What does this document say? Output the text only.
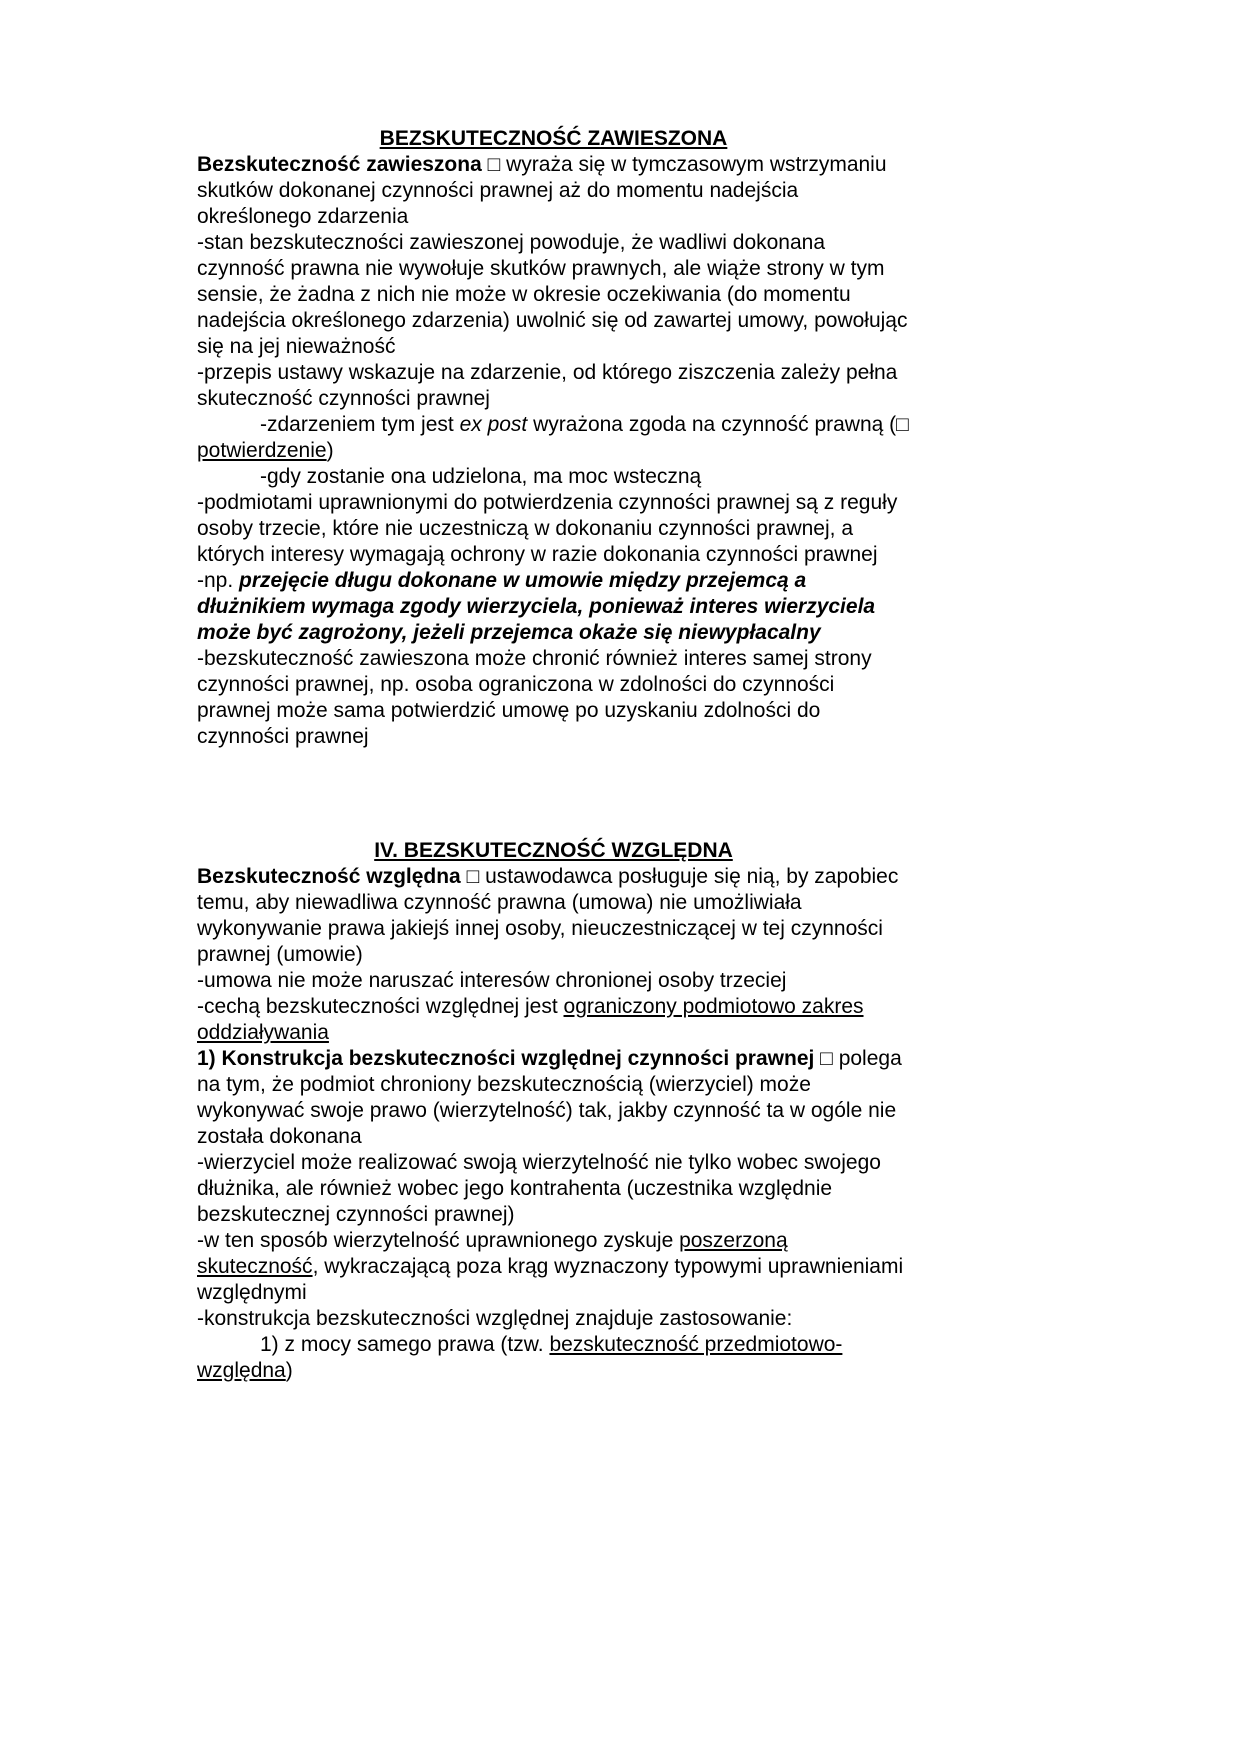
BEZSKUTECZNOŚĆ ZAWIESZONA
Bezskuteczność zawieszona □ wyraża się w tymczasowym wstrzymaniu skutków dokonanej czynności prawnej aż do momentu nadejścia określonego zdarzenia
-stan bezskuteczności zawieszonej powoduje, że wadliwi dokonana czynność prawna nie wywołuje skutków prawnych, ale wiąże strony w tym sensie, że żadna z nich nie może w okresie oczekiwania (do momentu nadejścia określonego zdarzenia) uwolnić się od zawartej umowy, powołując się na jej nieważność
-przepis ustawy wskazuje na zdarzenie, od którego ziszczenia zależy pełna skuteczność czynności prawnej
-zdarzeniem tym jest ex post wyrażona zgoda na czynność prawną (□ potwierdzenie)
-gdy zostanie ona udzielona, ma moc wsteczną
-podmiotami uprawnionymi do potwierdzenia czynności prawnej są z reguły osoby trzecie, które nie uczestniczą w dokonaniu czynności prawnej, a których interesy wymagają ochrony w razie dokonania czynności prawnej
-np. przejęcie długu dokonane w umowie między przejemcą a dłużnikiem wymaga zgody wierzyciela, ponieważ interes wierzyciela może być zagrożony, jeżeli przejemca okaże się niewypłacalny
-bezskuteczność zawieszona może chronić również interes samej strony czynności prawnej, np. osoba ograniczona w zdolności do czynności prawnej może sama potwierdzić umowę po uzyskaniu zdolności do czynności prawnej
IV. BEZSKUTECZNOŚĆ WZGLĘDNA
Bezskuteczność względna □ ustawodawca posługuje się nią, by zapobiec temu, aby niewadliwa czynność prawna (umowa) nie umożliwiała wykonywanie prawa jakiejś innej osoby, nieuczestniczącej w tej czynności prawnej (umowie)
-umowa nie może naruszać interesów chronionej osoby trzeciej
-cechą bezskuteczności względnej jest ograniczony podmiotowo zakres oddziaływania
1) Konstrukcja bezskuteczności względnej czynności prawnej □ polega na tym, że podmiot chroniony bezskutecznością (wierzyciel) może wykonywać swoje prawo (wierzytelność) tak, jakby czynność ta w ogóle nie została dokonana
-wierzyciel może realizować swoją wierzytelność nie tylko wobec swojego dłużnika, ale również wobec jego kontrahenta (uczestnika względnie bezskutecznej czynności prawnej)
-w ten sposób wierzytelność uprawnionego zyskuje poszerzoną skuteczność, wykraczającą poza krąg wyznaczony typowymi uprawnieniami względnymi
-konstrukcja bezskuteczności względnej znajduje zastosowanie:
1) z mocy samego prawa (tzw. bezskuteczność przedmiotowo-względna)
